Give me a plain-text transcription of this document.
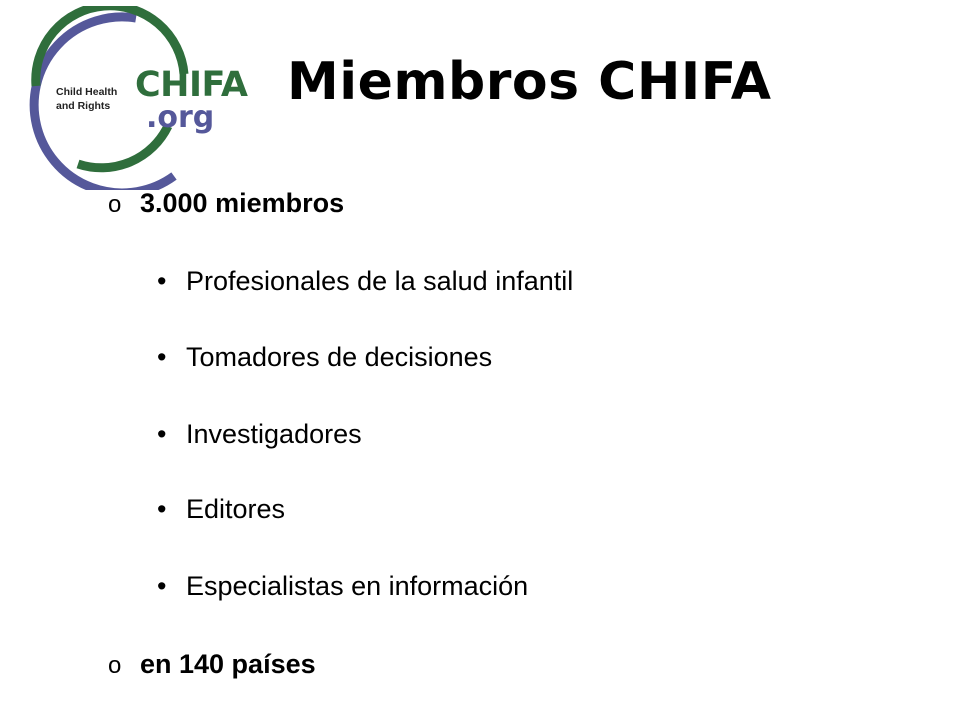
Child Health
and Rights
CHIFA
.org
Miembros CHIFA
o 3.000 miembros
• Profesionales de la salud infantil
• Tomadores de decisiones
• Investigadores
• Editores
• Especialistas en información
o en 140 países
